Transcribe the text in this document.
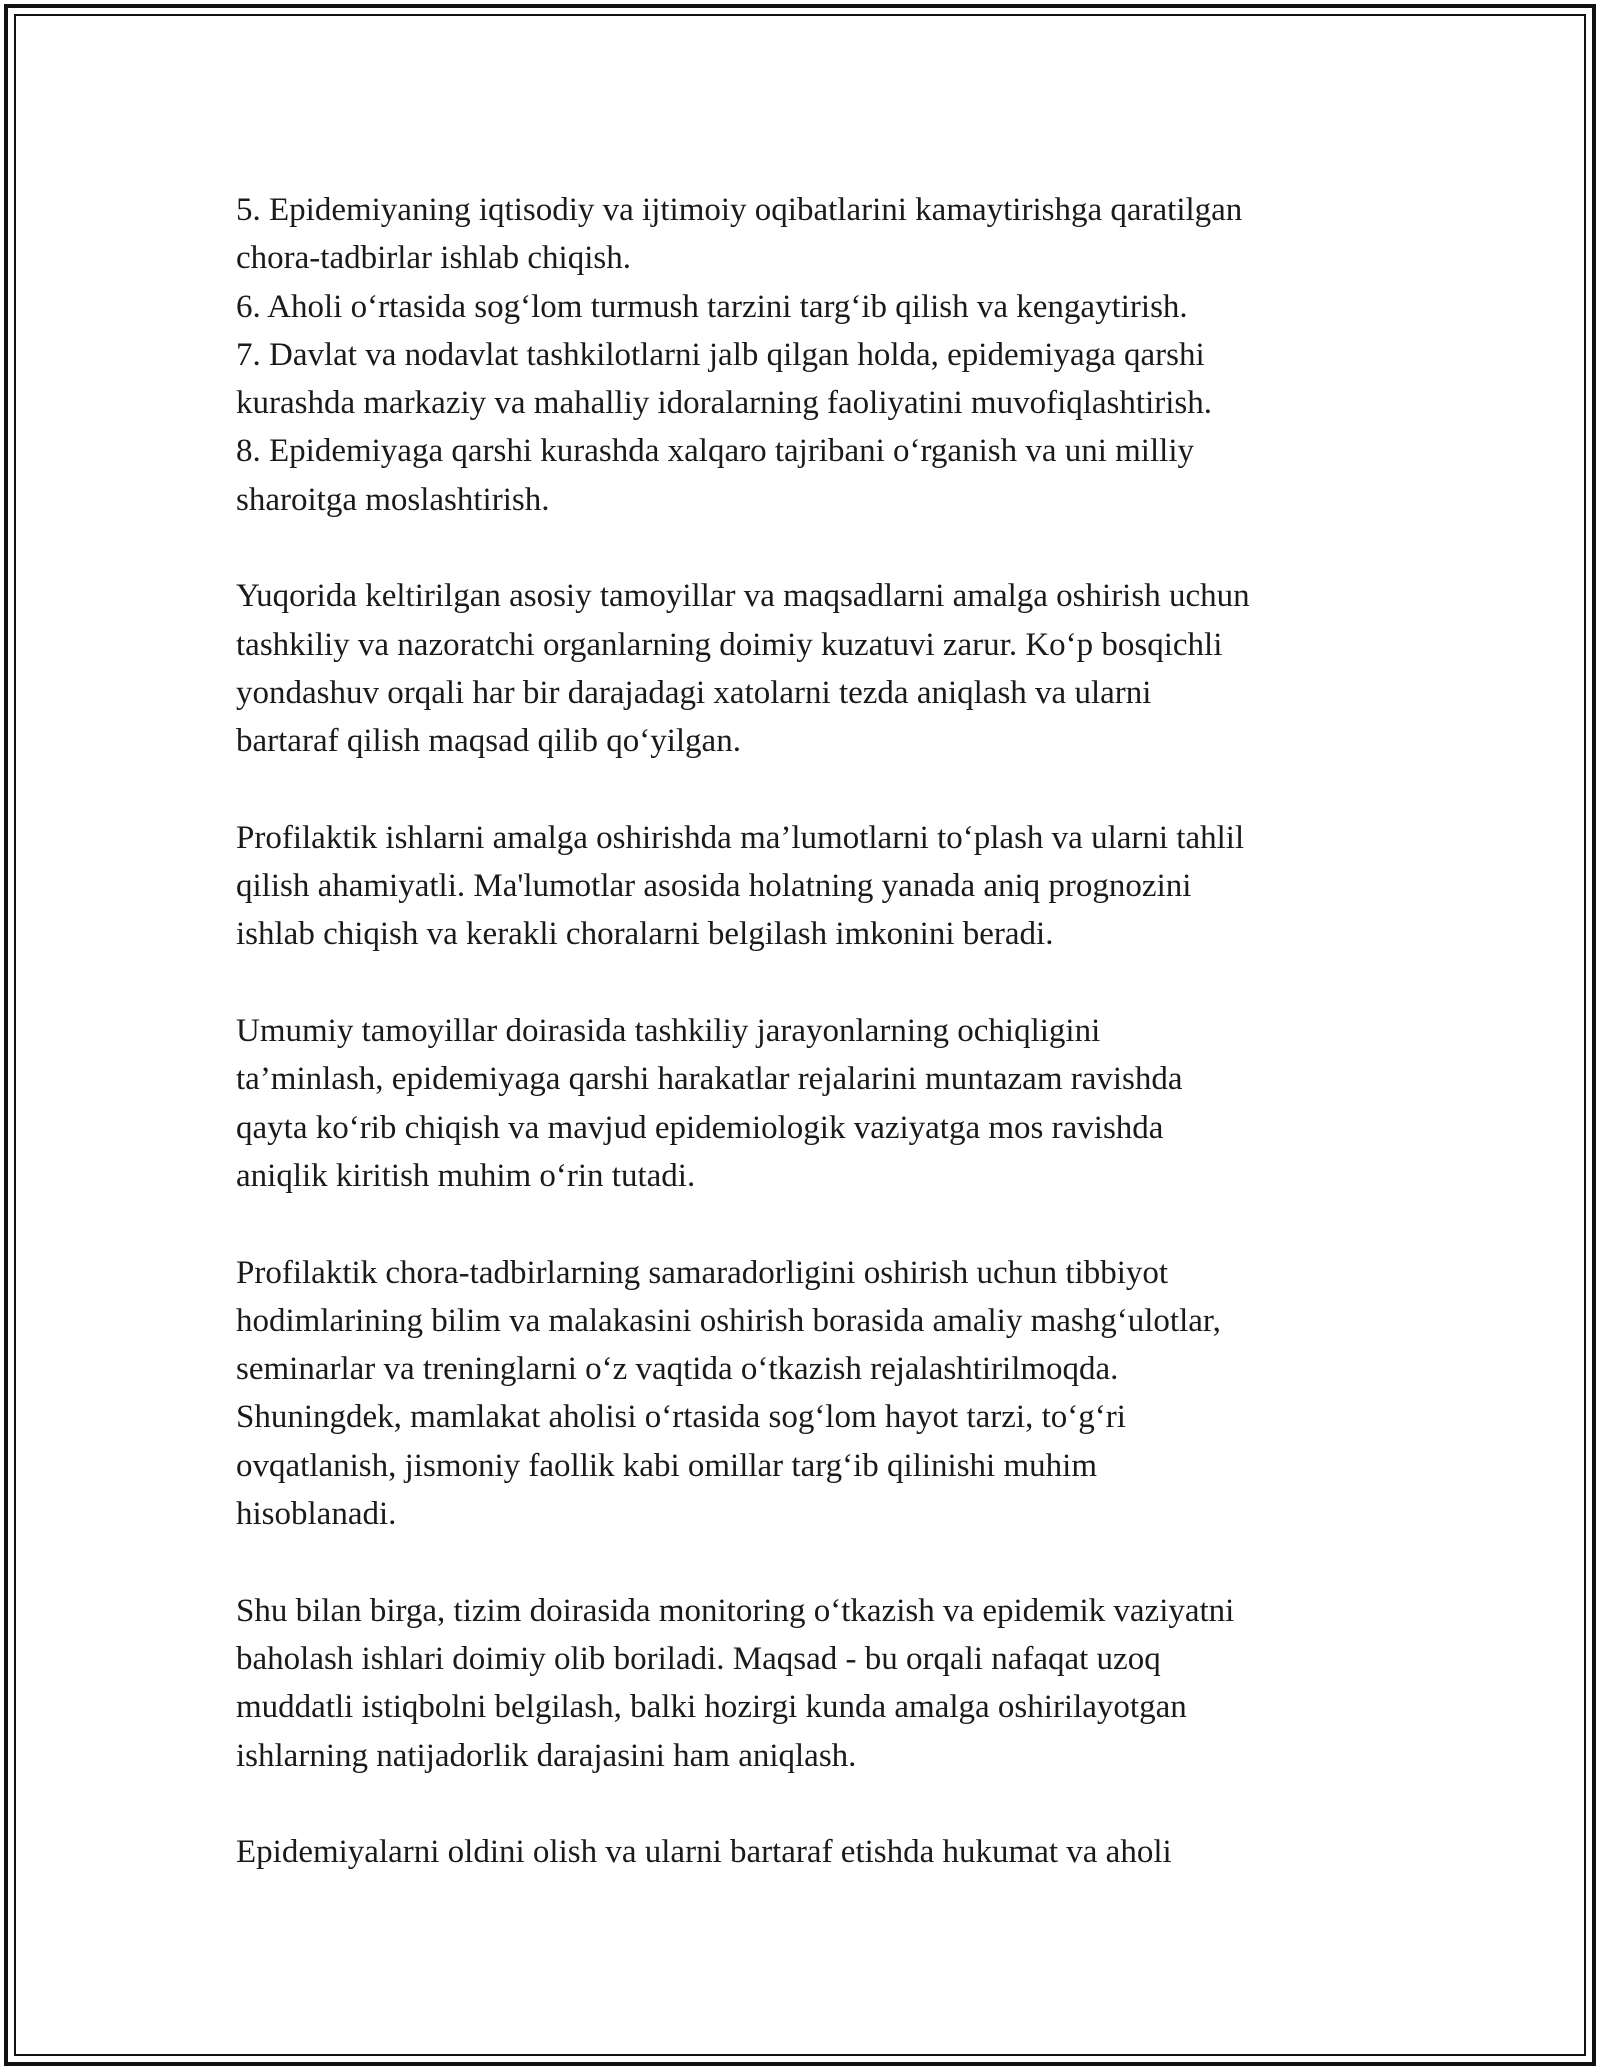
5. Epidemiyaning iqtisodiy va ijtimoiy oqibatlarini kamaytirishga qaratilgan
chora-tadbirlar ishlab chiqish.
6. Aholi o‘rtasida sog‘lom turmush tarzini targ‘ib qilish va kengaytirish.
7. Davlat va nodavlat tashkilotlarni jalb qilgan holda, epidemiyaga qarshi
kurashda markaziy va mahalliy idoralarning faoliyatini muvofiqlashtirish.
8. Epidemiyaga qarshi kurashda xalqaro tajribani o‘rganish va uni milliy
sharoitga moslashtirish.
Yuqorida keltirilgan asosiy tamoyillar va maqsadlarni amalga oshirish uchun
tashkiliy va nazoratchi organlarning doimiy kuzatuvi zarur. Ko‘p bosqichli
yondashuv orqali har bir darajadagi xatolarni tezda aniqlash va ularni
bartaraf qilish maqsad qilib qo‘yilgan.
Profilaktik ishlarni amalga oshirishda ma’lumotlarni to‘plash va ularni tahlil
qilish ahamiyatli. Ma'lumotlar asosida holatning yanada aniq prognozini
ishlab chiqish va kerakli choralarni belgilash imkonini beradi.
Umumiy tamoyillar doirasida tashkiliy jarayonlarning ochiqligini
ta’minlash, epidemiyaga qarshi harakatlar rejalarini muntazam ravishda
qayta ko‘rib chiqish va mavjud epidemiologik vaziyatga mos ravishda
aniqlik kiritish muhim o‘rin tutadi.
Profilaktik chora-tadbirlarning samaradorligini oshirish uchun tibbiyot
hodimlarining bilim va malakasini oshirish borasida amaliy mashg‘ulotlar,
seminarlar va treninglarni o‘z vaqtida o‘tkazish rejalashtirilmoqda.
Shuningdek, mamlakat aholisi o‘rtasida sog‘lom hayot tarzi, to‘g‘ri
ovqatlanish, jismoniy faollik kabi omillar targ‘ib qilinishi muhim
hisoblanadi.
Shu bilan birga, tizim doirasida monitoring o‘tkazish va epidemik vaziyatni
baholash ishlari doimiy olib boriladi. Maqsad - bu orqali nafaqat uzoq
muddatli istiqbolni belgilash, balki hozirgi kunda amalga oshirilayotgan
ishlarning natijadorlik darajasini ham aniqlash.
Epidemiyalarni oldini olish va ularni bartaraf etishda hukumat va aholi
